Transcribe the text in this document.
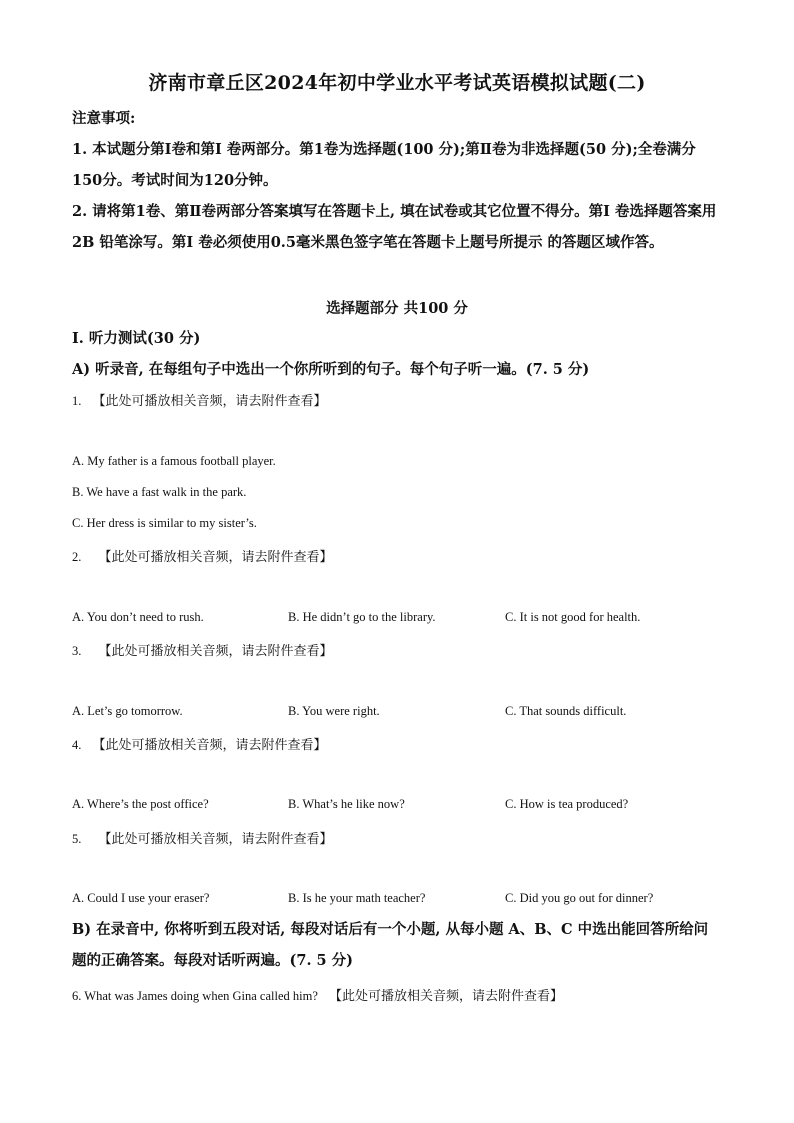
济南市章丘区2024年初中学业水平考试英语模拟试题(二)
注意事项:
1. 本试题分第Ⅰ卷和第Ⅰ 卷两部分。第1卷为选择题(100 分);第Ⅱ卷为非选择题(50 分);全卷满分150分。考试时间为120分钟。
2. 请将第1卷、第Ⅱ卷两部分答案填写在答题卡上, 填在试卷或其它位置不得分。第Ⅰ 卷选择题答案用2B 铅笔涂写。第Ⅰ 卷必须使用0.5毫米黑色签字笔在答题卡上题号所提示 的答题区域作答。
选择题部分 共100 分
I. 听力测试(30 分)
A) 听录音, 在每组句子中选出一个你所听到的句子。每个句子听一遍。(7. 5 分)
1. 【此处可播放相关音频，请去附件查看】
A. My father is a famous football player.
B. We have a fast walk in the park.
C. Her dress is similar to my sister’s.
2. 【此处可播放相关音频，请去附件查看】
A. You don’t need to rush.	B. He didn’t go to the library.	C. It is not good for health.
3. 【此处可播放相关音频，请去附件查看】
A. Let’s go tomorrow.	B. You were right.	C. That sounds difficult.
4. 【此处可播放相关音频，请去附件查看】
A. Where’s the post office?	B. What’s he like now?	C. How is tea produced?
5. 【此处可播放相关音频，请去附件查看】
A. Could I use your eraser?	B. Is he your math teacher?	C. Did you go out for dinner?
B) 在录音中, 你将听到五段对话, 每段对话后有一个小题, 从每小题 A、B、C 中选出能回答所给问题的正确答案。每段对话听两遍。(7. 5 分)
6. What was James doing when Gina called him? 【此处可播放相关音频，请去附件查看】
